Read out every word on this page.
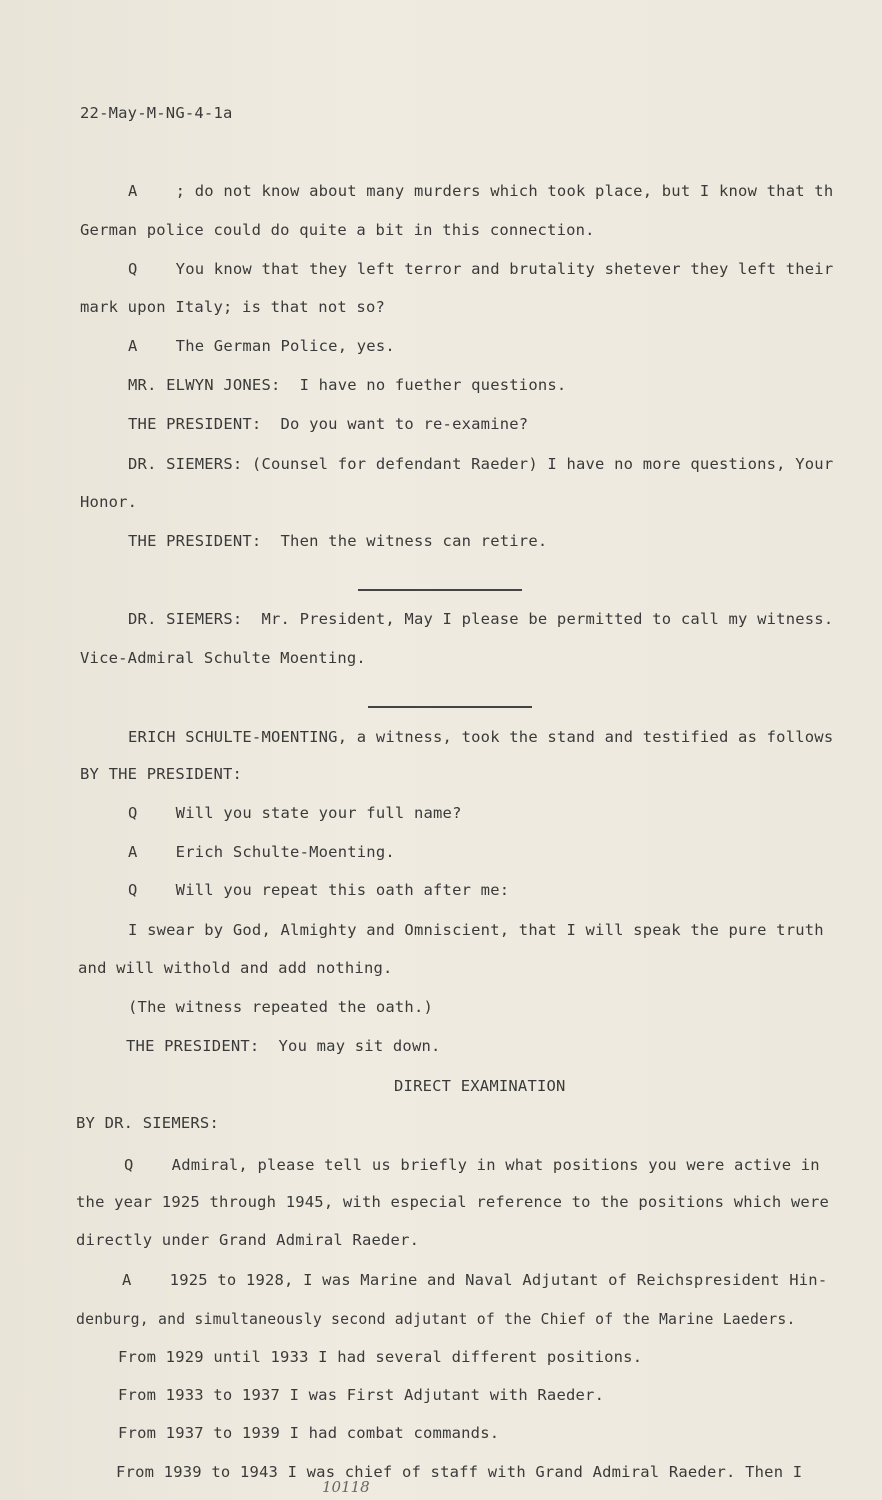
22-May-M-NG-4-1a
A    ; do not know about many murders which took place, but I know that th
German police could do quite a bit in this connection.
Q    You know that they left terror and brutality shetever they left their
mark upon Italy; is that not so?
A    The German Police, yes.
MR. ELWYN JONES:  I have no fuether questions.
THE PRESIDENT:  Do you want to re-examine?
DR. SIEMERS: (Counsel for defendant Raeder) I have no more questions, Your
Honor.
THE PRESIDENT:  Then the witness can retire.
DR. SIEMERS:  Mr. President, May I please be permitted to call my witness.
Vice-Admiral Schulte Moenting.
ERICH SCHULTE-MOENTING, a witness, took the stand and testified as follows
BY THE PRESIDENT:
Q    Will you state your full name?
A    Erich Schulte-Moenting.
Q    Will you repeat this oath after me:
I swear by God, Almighty and Omniscient, that I will speak the pure truth
and will withold and add nothing.
(The witness repeated the oath.)
THE PRESIDENT:  You may sit down.
DIRECT EXAMINATION
BY DR. SIEMERS:
Q    Admiral, please tell us briefly in what positions you were active in
the year 1925 through 1945, with especial reference to the positions which were
directly under Grand Admiral Raeder.
A    1925 to 1928, I was Marine and Naval Adjutant of Reichspresident Hin-
denburg, and simultaneously second adjutant of the Chief of the Marine Laeders.
From 1929 until 1933 I had several different positions.
From 1933 to 1937 I was First Adjutant with Raeder.
From 1937 to 1939 I had combat commands.
From 1939 to 1943 I was chief of staff with Grand Admiral Raeder. Then I
10118
